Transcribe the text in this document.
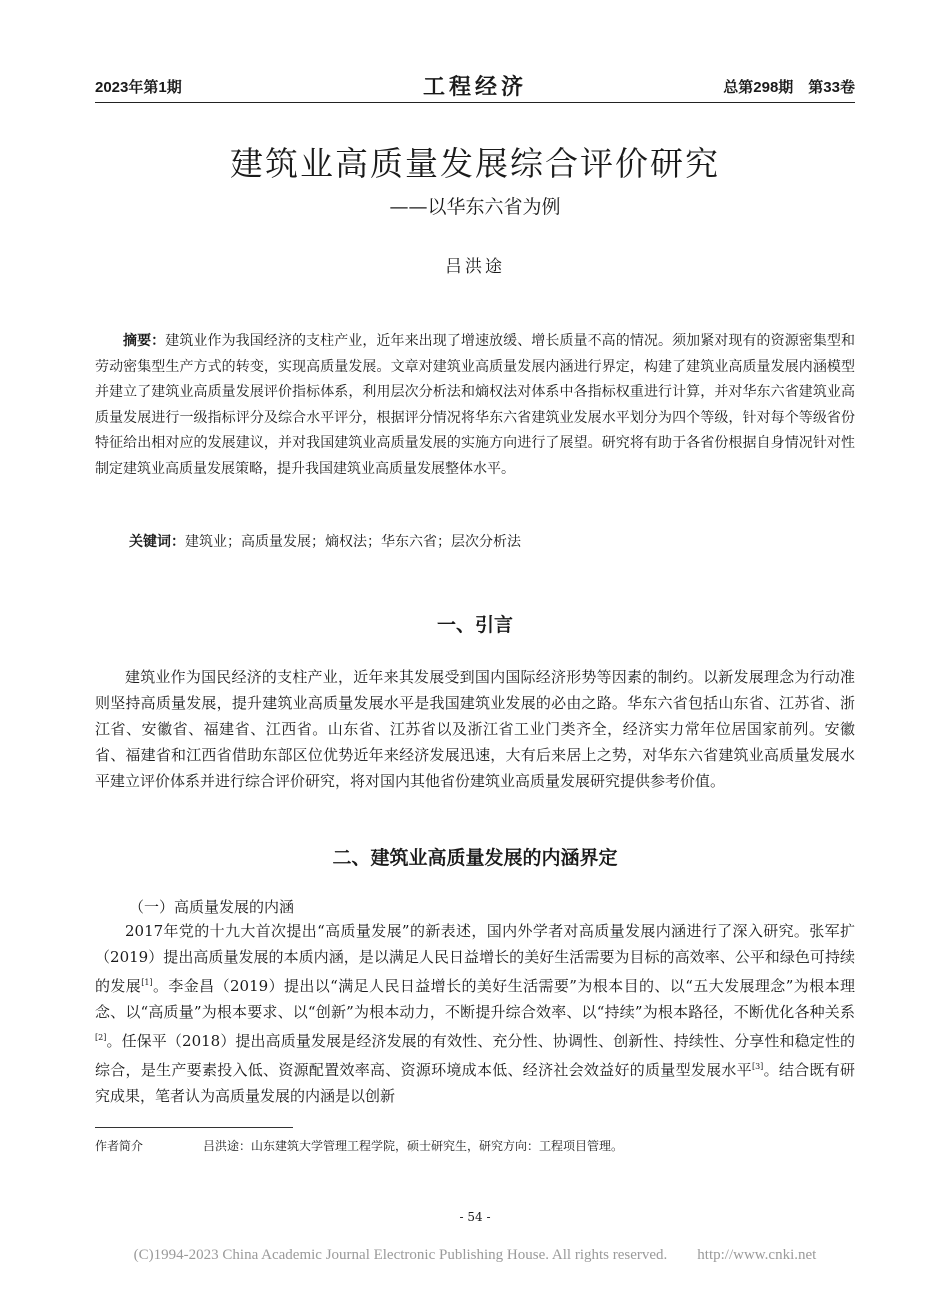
2023年第1期	工程经济	总第298期　第33卷
建筑业高质量发展综合评价研究
——以华东六省为例
吕洪途

摘要：建筑业作为我国经济的支柱产业，近年来出现了增速放缓、增长质量不高的情况。须加紧对现有的资源密集型和劳动密集型生产方式的转变，实现高质量发展。文章对建筑业高质量发展内涵进行界定，构建了建筑业高质量发展内涵模型并建立了建筑业高质量发展评价指标体系，利用层次分析法和熵权法对体系中各指标权重进行计算，并对华东六省建筑业高质量发展进行一级指标评分及综合水平评分，根据评分情况将华东六省建筑业发展水平划分为四个等级，针对每个等级省份特征给出相对应的发展建议，并对我国建筑业高质量发展的实施方向进行了展望。研究将有助于各省份根据自身情况针对性制定建筑业高质量发展策略，提升我国建筑业高质量发展整体水平。

关键词：建筑业；高质量发展；熵权法；华东六省；层次分析法

一、引言

建筑业作为国民经济的支柱产业，近年来其发展受到国内国际经济形势等因素的制约。以新发展理念为行动准则坚持高质量发展，提升建筑业高质量发展水平是我国建筑业发展的必由之路。华东六省包括山东省、江苏省、浙江省、安徽省、福建省、江西省。山东省、江苏省以及浙江省工业门类齐全，经济实力常年位居国家前列。安徽省、福建省和江西省借助东部区位优势近年来经济发展迅速，大有后来居上之势，对华东六省建筑业高质量发展水平建立评价体系并进行综合评价研究，将对国内其他省份建筑业高质量发展研究提供参考价值。

二、建筑业高质量发展的内涵界定

（一）高质量发展的内涵

2017年党的十九大首次提出“高质量发展”的新表述，国内外学者对高质量发展内涵进行了深入研究。张军扩（2019）提出高质量发展的本质内涵，是以满足人民日益增长的美好生活需要为目标的高效率、公平和绿色可持续的发展[1]。李金昌（2019）提出以“满足人民日益增长的美好生活需要”为根本目的、以“五大发展理念”为根本理念、以“高质量”为根本要求、以“创新”为根本动力，不断提升综合效率、以“持续”为根本路径，不断优化各种关系[2]。任保平（2018）提出高质量发展是经济发展的有效性、充分性、协调性、创新性、持续性、分享性和稳定性的综合，是生产要素投入低、资源配置效率高、资源环境成本低、经济社会效益好的质量型发展水平[3]。结合既有研究成果，笔者认为高质量发展的内涵是以创新

作者简介	吕洪途：山东建筑大学管理工程学院，硕士研究生，研究方向：工程项目管理。
- 54 -
(C)1994-2023 China Academic Journal Electronic Publishing House. All rights reserved.　　http://www.cnki.net
